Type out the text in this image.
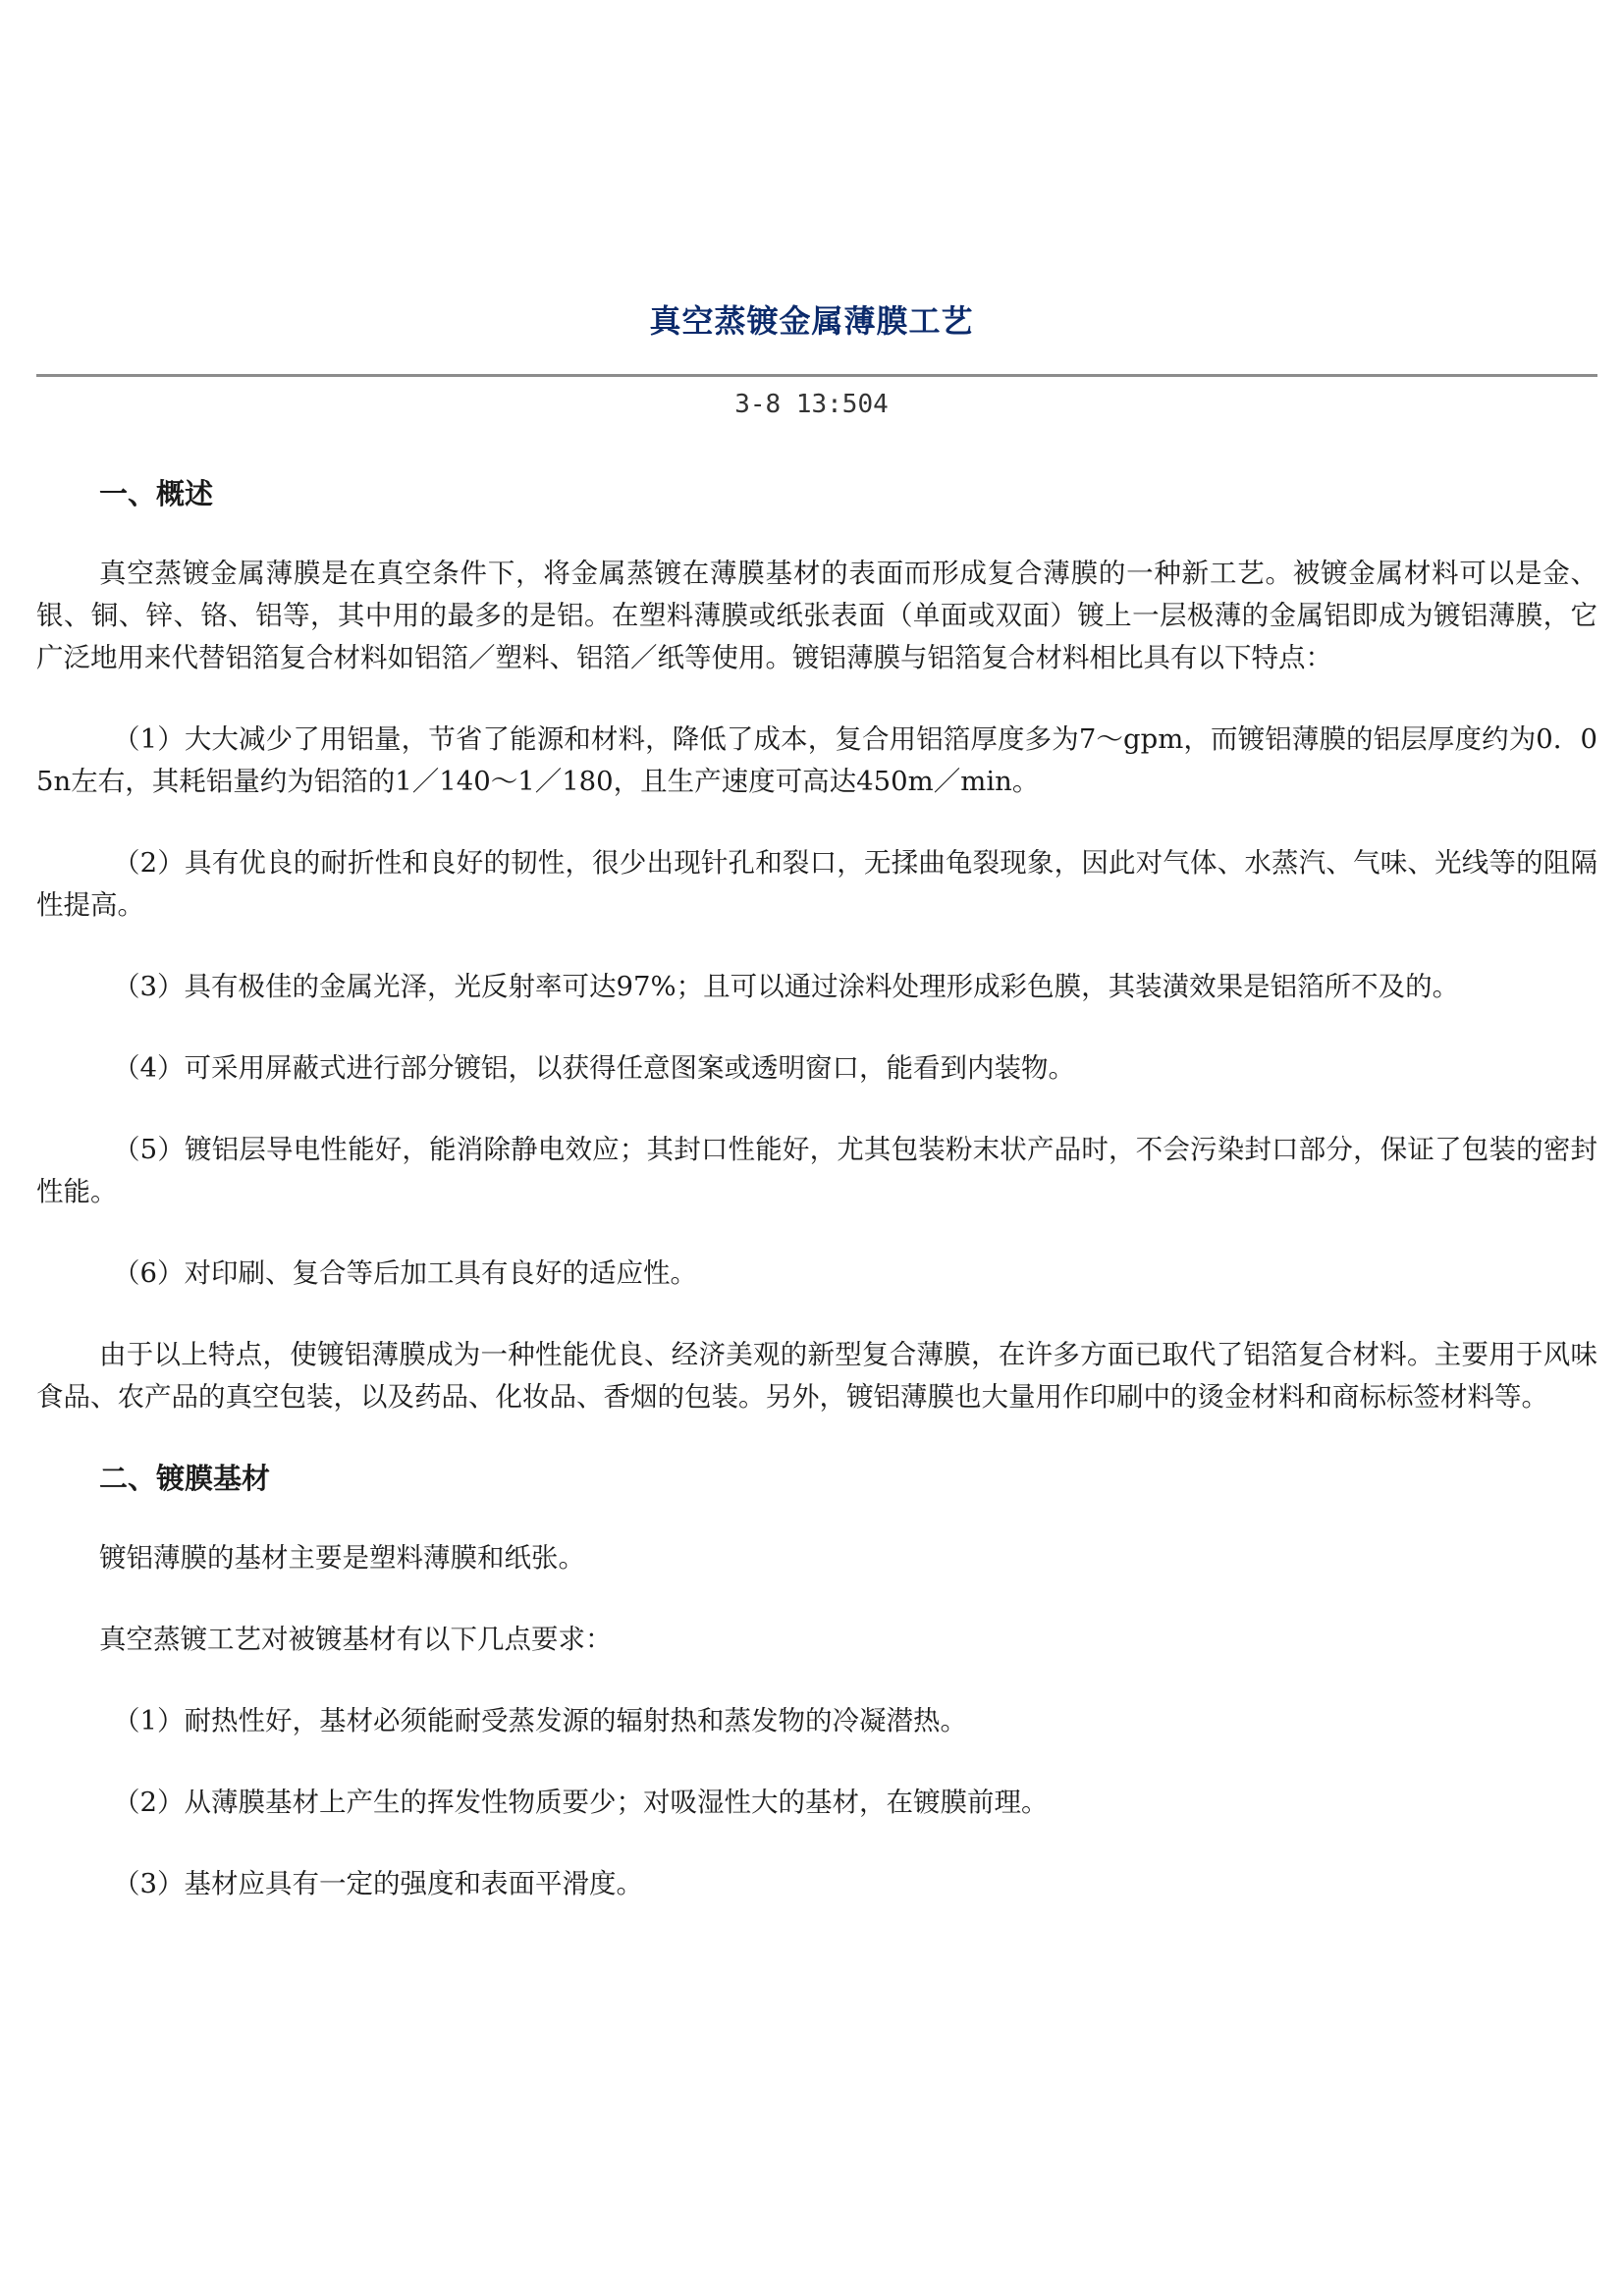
真空蒸镀金属薄膜工艺
3-8 13:504
一、概述

真空蒸镀金属薄膜是在真空条件下，将金属蒸镀在薄膜基材的表面而形成复合薄膜的一种新工艺。被镀金属材料可以是金、银、铜、锌、铬、铝等，其中用的最多的是铝。在塑料薄膜或纸张表面（单面或双面）镀上一层极薄的金属铝即成为镀铝薄膜，它广泛地用来代替铝箔复合材料如铝箔／塑料、铝箔／纸等使用。镀铝薄膜与铝箔复合材料相比具有以下特点：

（1）大大减少了用铝量，节省了能源和材料，降低了成本，复合用铝箔厚度多为7～gpm，而镀铝薄膜的铝层厚度约为0．05n左右，其耗铝量约为铝箔的1／140～1／180，且生产速度可高达450m／min。

（2）具有优良的耐折性和良好的韧性，很少出现针孔和裂口，无揉曲龟裂现象，因此对气体、水蒸汽、气味、光线等的阻隔性提高。

（3）具有极佳的金属光泽，光反射率可达97%；且可以通过涂料处理形成彩色膜，其装潢效果是铝箔所不及的。

（4）可采用屏蔽式进行部分镀铝，以获得任意图案或透明窗口，能看到内装物。

（5）镀铝层导电性能好，能消除静电效应；其封口性能好，尤其包装粉末状产品时，不会污染封口部分，保证了包装的密封性能。

（6）对印刷、复合等后加工具有良好的适应性。

由于以上特点，使镀铝薄膜成为一种性能优良、经济美观的新型复合薄膜，在许多方面已取代了铝箔复合材料。主要用于风味食品、农产品的真空包装，以及药品、化妆品、香烟的包装。另外，镀铝薄膜也大量用作印刷中的烫金材料和商标标签材料等。

二、镀膜基材

镀铝薄膜的基材主要是塑料薄膜和纸张。

真空蒸镀工艺对被镀基材有以下几点要求：

（1）耐热性好，基材必须能耐受蒸发源的辐射热和蒸发物的冷凝潜热。

（2）从薄膜基材上产生的挥发性物质要少；对吸湿性大的基材，在镀膜前理。

（3）基材应具有一定的强度和表面平滑度。
